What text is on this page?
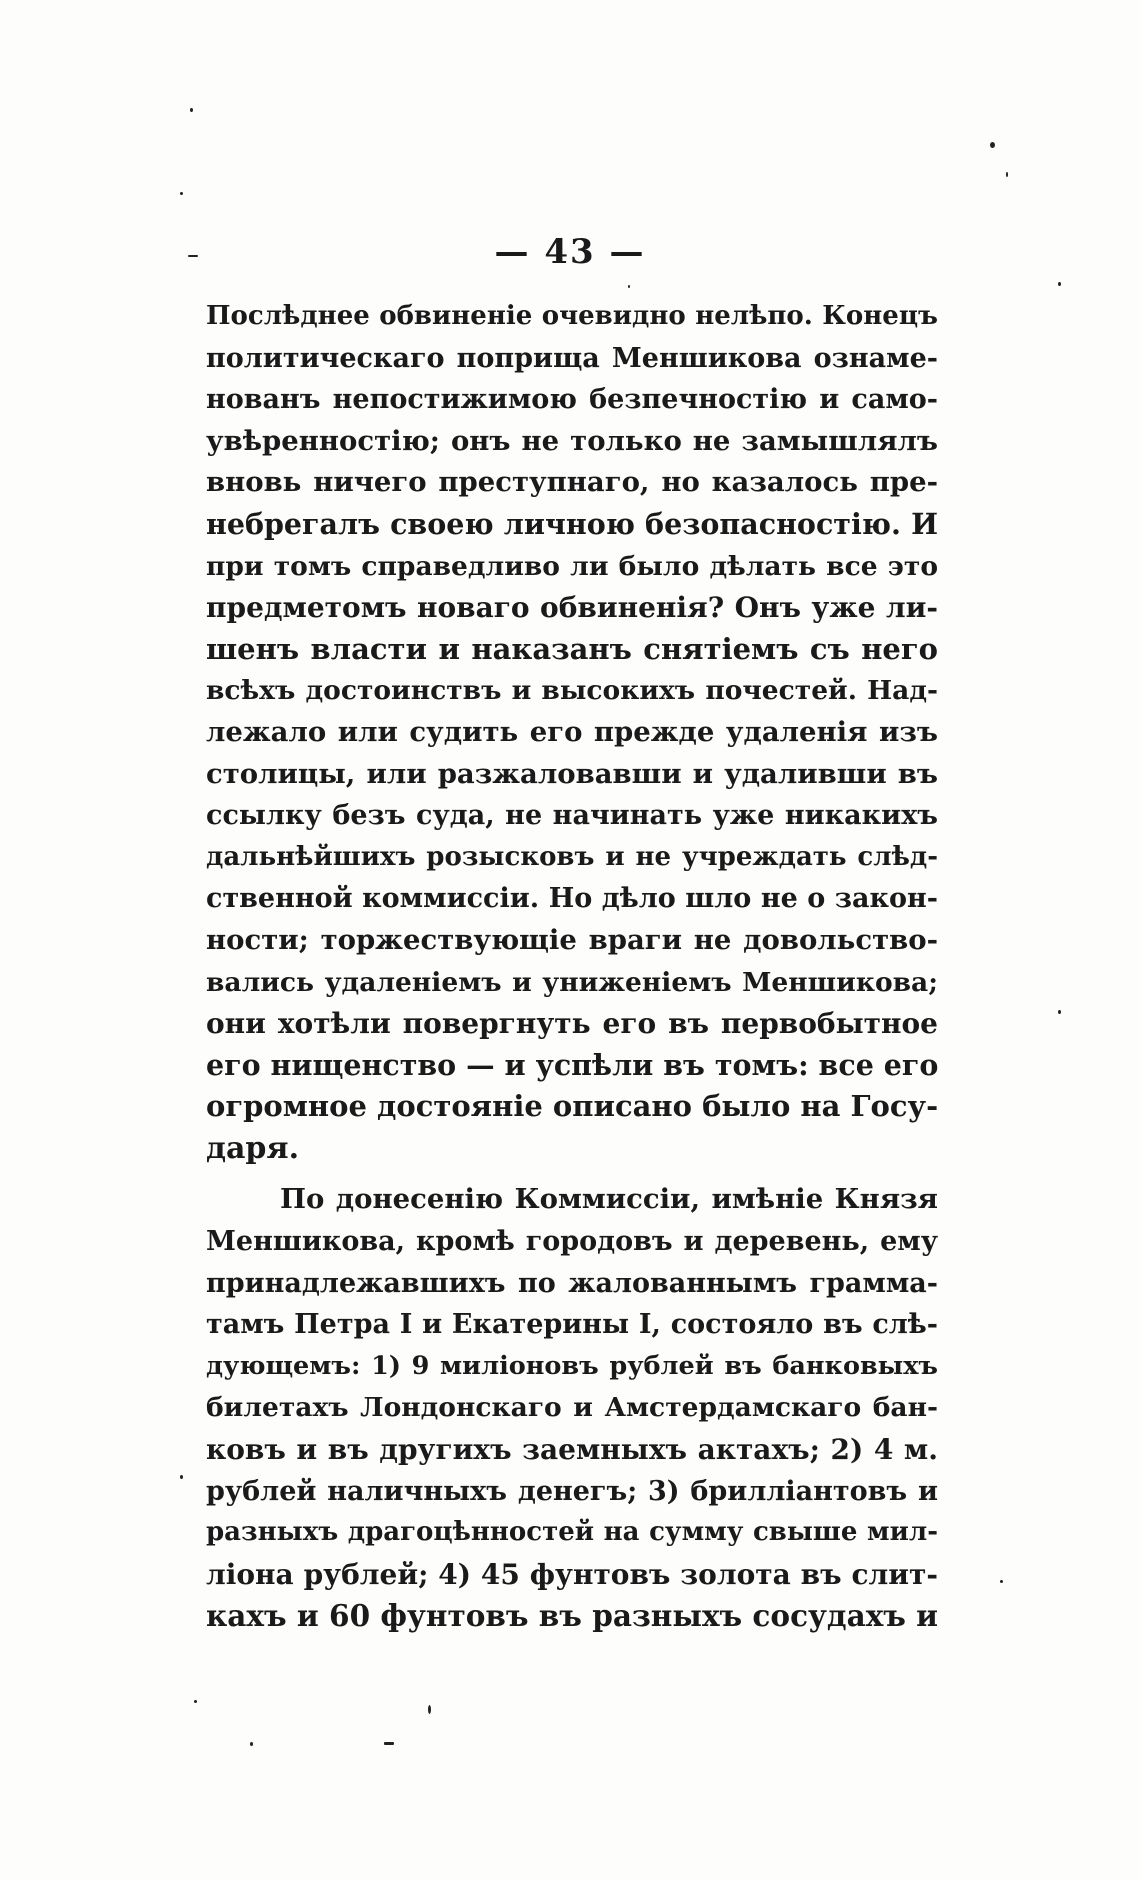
— 43 —
Послѣднее обвиненіе очевидно нелѣпо. Конецъ
политическаго поприща Меншикова ознаме-
нованъ непостижимою безпечностію и само-
увѣренностію; онъ не только не замышлялъ
вновь ничего преступнаго, но казалось пре-
небрегалъ своею личною безопасностію. И
при томъ справедливо ли было дѣлать все это
предметомъ новаго обвиненія? Онъ уже ли-
шенъ власти и наказанъ снятіемъ съ него
всѣхъ достоинствъ и высокихъ почестей. Над-
лежало или судить его прежде удаленія изъ
столицы, или разжаловавши и удаливши въ
ссылку безъ суда, не начинать уже никакихъ
дальнѣйшихъ розысковъ и не учреждать слѣд-
ственной коммиссіи. Но дѣло шло не о закон-
ности; торжествующіе враги не довольство-
вались удаленіемъ и униженіемъ Меншикова;
они хотѣли повергнуть его въ первобытное
его нищенство — и успѣли въ томъ: все его
огромное достояніе описано было на Госу-
даря.
По донесенію Коммиссіи, имѣніе Князя
Меншикова, кромѣ городовъ и деревень, ему
принадлежавшихъ по жалованнымъ грамма-
тамъ Петра I и Екатерины I, состояло въ слѣ-
дующемъ: 1) 9 миліоновъ рублей въ банковыхъ
билетахъ Лондонскаго и Амстердамскаго бан-
ковъ и въ другихъ заемныхъ актахъ; 2) 4 м.
рублей наличныхъ денегъ; 3) бриллiантовъ и
разныхъ драгоцѣнностей на сумму свыше мил-
ліона рублей; 4) 45 фунтовъ золота въ слит-
кахъ и 60 фунтовъ въ разныхъ сосудахъ и
